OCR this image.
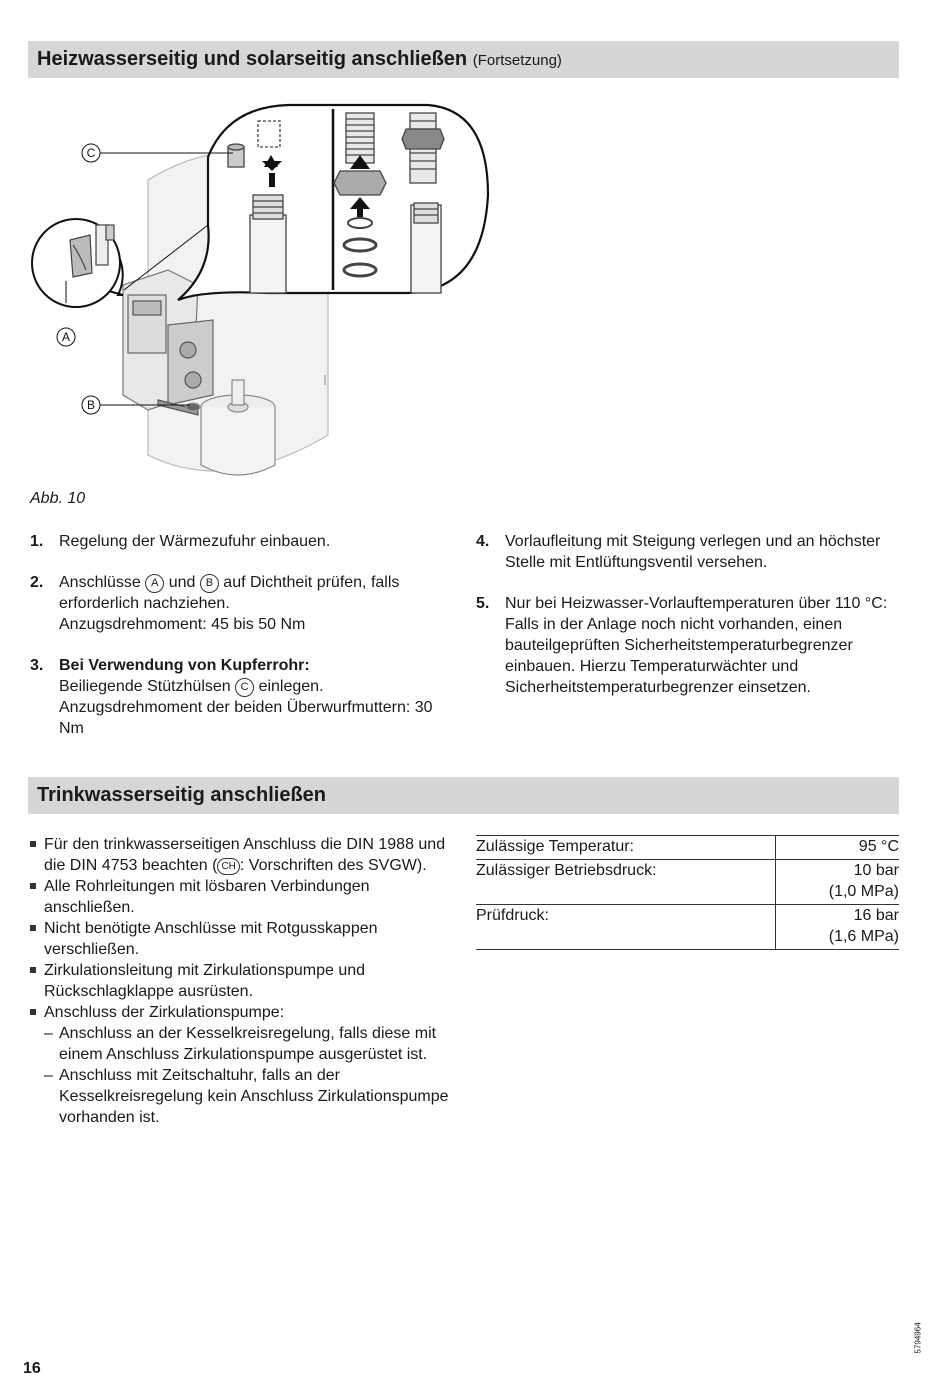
Heizwasserseitig und solarseitig anschließen (Fortsetzung)
C
A
B
Abb. 10
1. Regelung der Wärmezufuhr einbauen.

2. Anschlüsse A und B auf Dichtheit prüfen, falls erforderlich nachziehen.

Anzugsdrehmoment: 45 bis 50 Nm

3. Bei Verwendung von Kupferrohr:

Beiliegende Stützhülsen C einlegen.

Anzugsdrehmoment der beiden Überwurfmuttern: 30 Nm

4. Vorlaufleitung mit Steigung verlegen und an höchster Stelle mit Entlüftungsventil versehen.

5. Nur bei Heizwasser-Vorlauftemperaturen über 110 °C:

Falls in der Anlage noch nicht vorhanden, einen bauteilgeprüften Sicherheitstemperaturbegrenzer einbauen. Hierzu Temperaturwächter und Sicherheitstemperaturbegrenzer einsetzen.

Trinkwasserseitig anschließen
Für den trinkwasserseitigen Anschluss die DIN 1988 und die DIN 4753 beachten ( CH : Vorschriften des SVGW).
Alle Rohrleitungen mit lösbaren Verbindungen anschließen.
Nicht benötigte Anschlüsse mit Rotgusskappen verschließen.
Zirkulationsleitung mit Zirkulationspumpe und Rückschlagklappe ausrüsten.
Anschluss der Zirkulationspumpe:
– Anschluss an der Kesselkreisregelung, falls diese mit einem Anschluss Zirkulationspumpe ausgerüstet ist.
– Anschluss mit Zeitschaltuhr, falls an der Kesselkreisregelung kein Anschluss Zirkulationspumpe vorhanden ist.
Zulässige Temperatur:	95 °C

Zulässiger Betriebsdruck:	10 bar
(1,0 MPa)

Prüfdruck:	16 bar
(1,6 MPa)
16
5794964
